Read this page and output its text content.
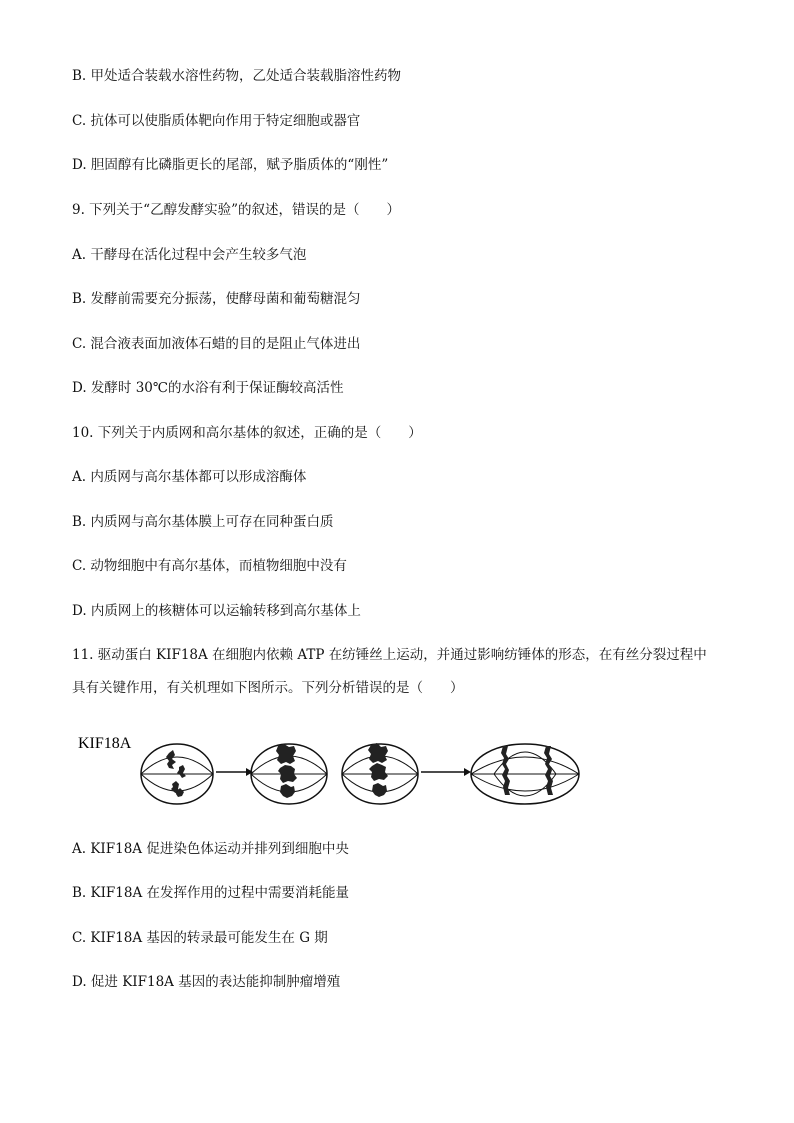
B. 甲处适合装载水溶性药物，乙处适合装载脂溶性药物
C. 抗体可以使脂质体靶向作用于特定细胞或器官
D. 胆固醇有比磷脂更长的尾部，赋予脂质体的“刚性”
9. 下列关于“乙醇发酵实验”的叙述，错误的是（　　）
A. 干酵母在活化过程中会产生较多气泡
B. 发酵前需要充分振荡，使酵母菌和葡萄糖混匀
C. 混合液表面加液体石蜡的目的是阻止气体进出
D. 发酵时 30℃的水浴有利于保证酶较高活性
10. 下列关于内质网和高尔基体的叙述，正确的是（　　）
A. 内质网与高尔基体都可以形成溶酶体
B. 内质网与高尔基体膜上可存在同种蛋白质
C. 动物细胞中有高尔基体，而植物细胞中没有
D. 内质网上的核糖体可以运输转移到高尔基体上
11. 驱动蛋白 KIF18A 在细胞内依赖 ATP 在纺锤丝上运动，并通过影响纺锤体的形态，在有丝分裂过程中
具有关键作用，有关机理如下图所示。下列分析错误的是（　　）
KIF18A
A. KIF18A 促进染色体运动并排列到细胞中央
B. KIF18A 在发挥作用的过程中需要消耗能量
C. KIF18A 基因的转录最可能发生在 G 期
D. 促进 KIF18A 基因的表达能抑制肿瘤增殖
